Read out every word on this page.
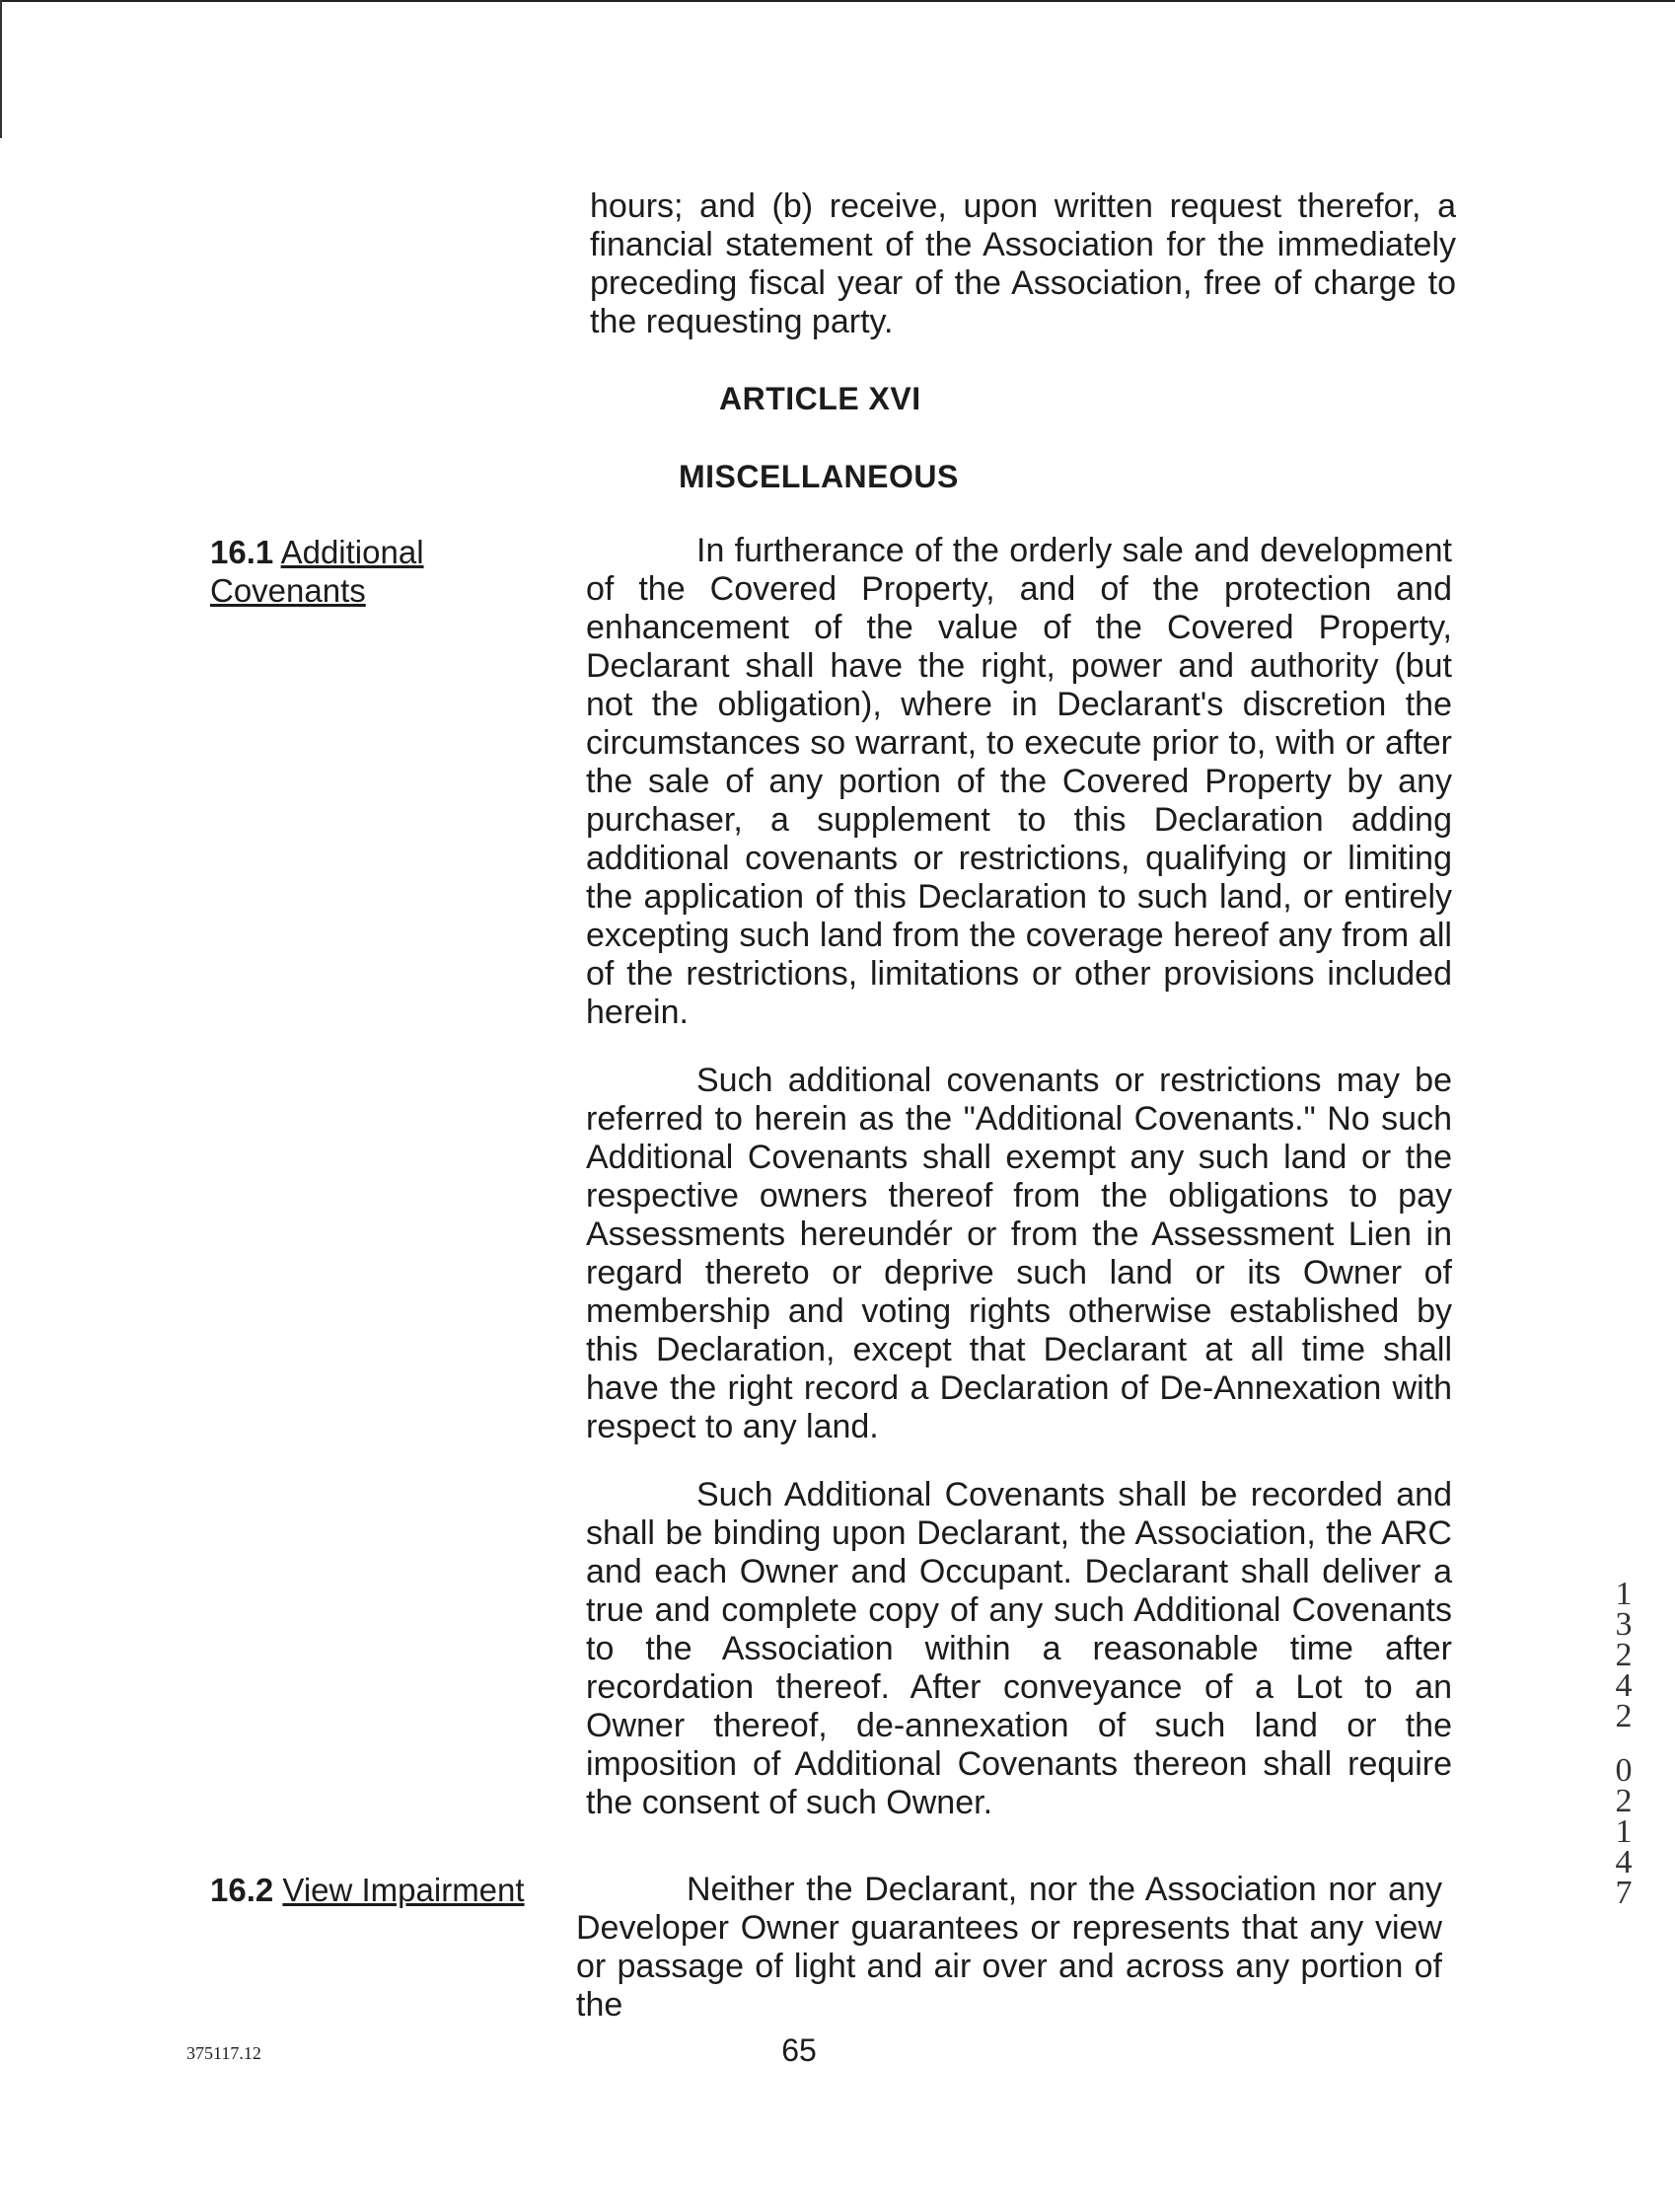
hours; and (b) receive, upon written request therefor, a financial statement of the Association for the immediately preceding fiscal year of the Association, free of charge to the requesting party.

ARTICLE XVI

MISCELLANEOUS

16.1 Additional
Covenants

In furtherance of the orderly sale and development of the Covered Property, and of the protection and enhancement of the value of the Covered Property, Declarant shall have the right, power and authority (but not the obligation), where in Declarant's discretion the circumstances so warrant, to execute prior to, with or after the sale of any portion of the Covered Property by any purchaser, a supplement to this Declaration adding additional covenants or restrictions, qualifying or limiting the application of this Declaration to such land, or entirely excepting such land from the coverage hereof any from all of the restrictions, limitations or other provisions included herein.

Such additional covenants or restrictions may be referred to herein as the "Additional Covenants." No such Additional Covenants shall exempt any such land or the respective owners thereof from the obligations to pay Assessments hereundér or from the Assessment Lien in regard thereto or deprive such land or its Owner of membership and voting rights otherwise established by this Declaration, except that Declarant at all time shall have the right record a Declaration of De-Annexation with respect to any land.

Such Additional Covenants shall be recorded and shall be binding upon Declarant, the Association, the ARC and each Owner and Occupant. Declarant shall deliver a true and complete copy of any such Additional Covenants to the Association within a reasonable time after recordation thereof. After conveyance of a Lot to an Owner thereof, de-annexation of such land or the imposition of Additional Covenants thereon shall require the consent of such Owner.

16.2 View Impairment	Neither the Declarant, nor the Association nor any Developer Owner guarantees or represents that any view or passage of light and air over and across any portion of the

375117.12	65

13242
02147
